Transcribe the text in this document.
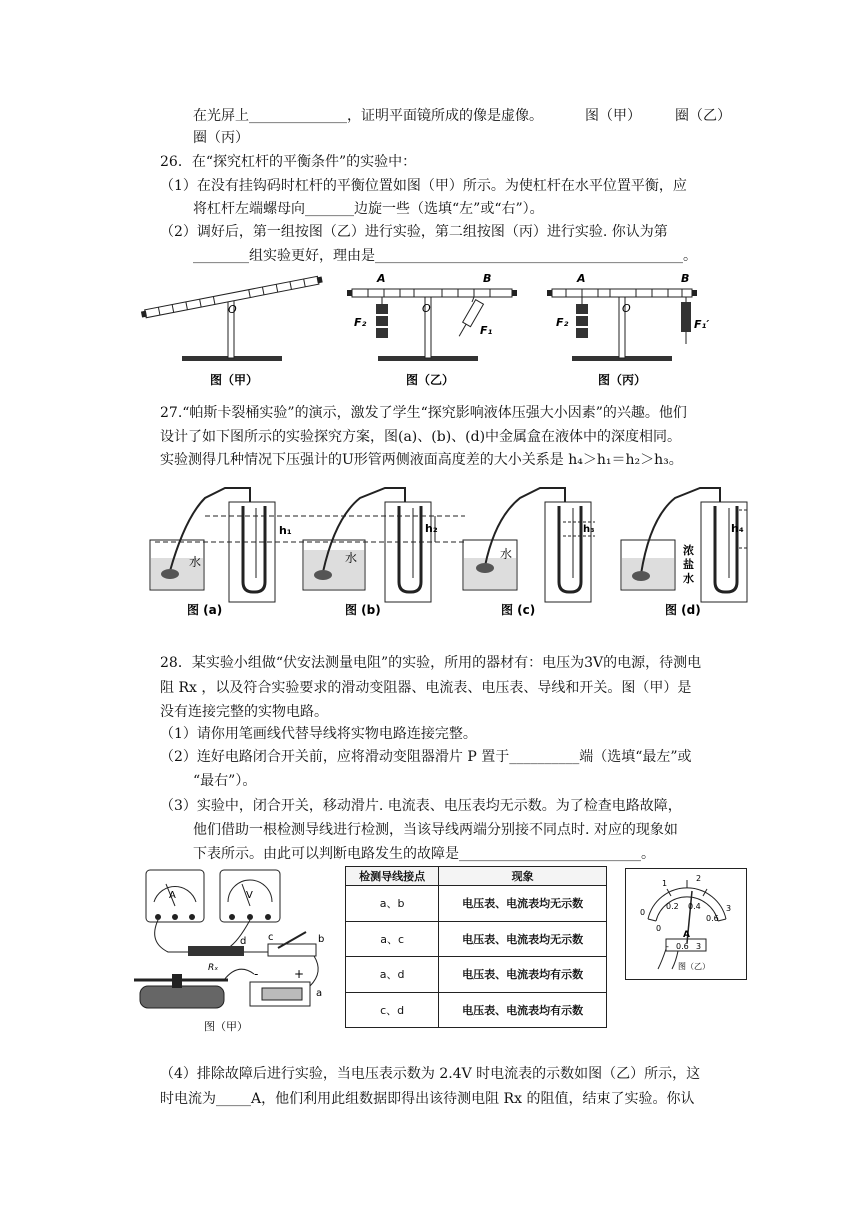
在光屏上______________，证明平面镜所成的像是虚像。	图（甲） 圈（乙）
圈（丙）
26．在“探究杠杆的平衡条件”的实验中：
（1）在没有挂钩码时杠杆的平衡位置如图（甲）所示。为使杠杆在水平位置平衡，应
将杠杆左端螺母向_______边旋一些（选填“左”或“右”）。
（2）调好后，第一组按图（乙）进行实验，第二组按图（丙）进行实验. 你认为第
________组实验更好，理由是____________________________________________。
O
图（甲）
F₂
A	B
O
F₁
图（乙）
F₂
A	B
O
F₁′
图（丙）
27.“帕斯卡裂桶实验”的演示，激发了学生“探究影响液体压强大小因素”的兴趣。他们
设计了如下图所示的实验探究方案，图(a)、(b)、(d)中金属盒在液体中的深度相同。
实验测得几种情况下压强计的U形管两侧液面高度差的大小关系是 h₄＞h₁＝h₂＞h₃。
水
h₁
图 (a)
水
h₂
图 (b)
水
h₃
图 (c)
浓
盐
水
h₄
图 (d)
28．某实验小组做“伏安法测量电阻”的实验，所用的器材有：电压为3V的电源，待测电
阻 Rx ，以及符合实验要求的滑动变阻器、电流表、电压表、导线和开关。图（甲）是
没有连接完整的实物电路。
（1）请你用笔画线代替导线将实物电路连接完整。
（2）连好电路闭合开关前，应将滑动变阻器滑片 P 置于__________端（选填“最左”或
“最右”）。
（3）实验中，闭合开关，移动滑片. 电流表、电压表均无示数。为了检查电路故障，
他们借助一根检测导线进行检测，当该导线两端分别接不同点时. 对应的现象如
下表所示。由此可以判断电路发生的故障是__________________________。
A	V
Rₓ
d c	b
-	+
a
图（甲）
检测导线接点	现象
a、b	电压表、电流表均无示数
a、c	电压表、电流表均无示数
a、d	电压表、电流表均有示数
c、d	电压表、电流表均有示数
0
1
2
3
0
0.2 0.4
0.6
A
- 0.6 3
图（乙）
（4）排除故障后进行实验，当电压表示数为 2.4V 时电流表的示数如图（乙）所示，这
时电流为_____A，他们利用此组数据即得出该待测电阻 Rx 的阻值，结束了实验。你认
